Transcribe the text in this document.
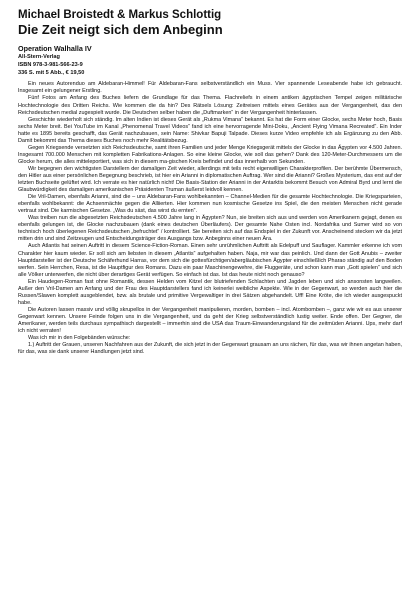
Michael Broistedt & Markus Schlottig
Die Zeit neigt sich dem Anbeginn
Operation Walhalla IV
All-Stern-Verlag
ISBN 978-3-981-566-23-9
336 S. mit 5 Abb., € 19,50

Ein neues Autorenduo am Aldebaran-Himmel! Für Aldebaran-Fans selbstverständlich ein Muss. Vier spannende Leseabende habe ich gebraucht. Insgesamt ein gelungener Erstling.

Fünf Fotos am Anfang des Buches liefern die Grundlage für das Thema. Flachreliefs in einem antiken ägyptischen Tempel zeigen militärische Hochtechnologie des Dritten Reichs. Wie kommen die da hin? Des Rätsels Lösung: Zeitreisen mittels eines Gerätes aus der Vergangenheit, das den Reichsdeutschen medial zugespielt wurde. Die Deutschen selber haben die „Duftmarken“ in der Vergangenheit hinterlassen.

Geschichte wiederholt sich ständig. Im alten Indien ist dieses Gerät als „Rukma Vimana“ bekannt. Es hat die Form einer Glocke, sechs Meter hoch, Basis sechs Meter breit. Bei YouTube im Kanal „Phenomenal Travel Videos“ fand ich eine hervorragende Mini-Doku, „Ancient Flying Vimana Recreated“. Ein Inder hatte es 1895 bereits geschafft, das Gerät nachzubauen, sein Name: Shivkar Bapuji Talpade. Dieses kurze Video empfehle ich als Ergänzung zu den Abb. Damit bekommt das Thema dieses Buches noch mehr Realitätsbezug.

Gegen Kriegsende versetzten sich Reichsdeutsche, samt ihren Familien und jeder Menge Kriegsgerät mittels der Glocke in das Ägypten vor 4.500 Jahren. Insgesamt 700.000 Menschen mit kompletten Fabrikations-Anlagen. So eine kleine Glocke, wie soll das gehen? Dank des 120-Meter-Durchmessers um die Glocke herum, die alles mitteleportiert, was sich in diesem ma-gischen Kreis befindet und das innerhalb von Sekunden.

Wir begegnen den wichtigsten Darstellern der damaligen Zeit wieder, allerdings mit teils recht eigenwilligen Charakterprofilen. Der berühmte Übermensch, den Hitler aus einer persönlichen Begegnung beschrieb, ist hier ein Arianni in diplomatischen Auftrag. Wer sind die Arianni? Großes Mysterium, das erst auf der letzten Buchseite gelüftet wird. Ich verrate es hier natürlich nicht! Die Basis-Station der Arianni in der Antarktis bekommt Besuch von Admiral Byrd und lernt die Glaubwürdigkeit des damaligen amerikanischen Präsidenten Truman äußerst leidvoll kennen.

Die Vril-Damen, ebenfalls Arianni, sind die – uns Aldebaran-Fans wohlbekannten – Channel-Medien für die gesamte Hochtechnologie. Die Kriegsparteien, ebenfalls wohlbekannt: die Achsenmächte gegen die Alliierten. Hier kommen nun kosmische Gesetze ins Spiel, die den meisten Menschen nicht gerade vertraut sind. Die karmischen Gesetze. „Was du säst, das wirst du ernten“.

Was treiben nun die abgesetzten Reichsdeutschen 4.500 Jahre lang in Ägypten? Nun, sie breiten sich aus und werden von Amerikanern gejagt, denen es ebenfalls gelungen ist, die Glocke nachzubauen (dank eines deutschen Überläufers). Der gesamte Nahe Osten incl. Nordafrika und Sumer wird so von technisch hoch überlegenen Reichsdeutschen „befruchtet“ / kontrolliert. Sie bereiten sich auf das Endspiel in der Zukunft vor. Anscheinend stecken wir da jetzt mitten drin und sind Zeitzeugen und Entscheidungsträger des Ausgangs bzw. Anbeginns einer neuen Ära.

Auch Atlantis hat seinen Auftritt in diesem Science-Fiction-Roman. Einen sehr unrühmlichen Auftritt als Edelpuff und Sauflager. Kammler erkenne ich vom Charakter hier kaum wieder. Er soll sich am liebsten in diesem „Atlantis“ aufgehalten haben. Naja, mir war das peinlich. Und dann der Gott Anubis – zweiter Hauptdarsteller ist der Deutsche Schäferhund Harras, vor dem sich die gottesfürchtigen/abergläubischen Ägypter einschließlich Pharao ständig auf den Boden werfen. Sein Herrchen, Resa, ist die Hauptfigur des Romans. Dazu ein paar Maschinengewehre, die Fluggeräte, und schon kann man „Gott spielen“ und sich alle Völker unterwerfen, die nicht über derartiges Gerät verfügen. So einfach ist das. Ist das heute nicht noch genauso?

Ein Haudegen-Roman fast ohne Romantik, dessen Helden vom Kitzel der blutriefenden Schlachten und Jagden leben und sich ansonsten langweilen. Außer den Vril-Damen am Anfang und der Frau des Hauptdarstellers fand ich keinerlei weibliche Aspekte. Wie in der Gegenwart, so werden auch hier die Russen/Slawen komplett ausgeblendet, bzw. als brutale und primitive Vergewaltiger in drei Sätzen abgehandelt. Uff! Eine Kröte, die ich wieder ausgespuckt habe.

Die Autoren lassen massiv und völlig skrupellos in der Vergangenheit manipulieren, morden, bomben – incl. Atombomben –, ganz wie wir es aus unserer Gegenwart kennen. Unsere Feinde folgen uns in die Vergangenheit, und da geht der Krieg selbstverständlich lustig weiter. Ende offen. Der Gegner, die Amerikaner, werden teils durchaus sympathisch dargestellt – immerhin sind die USA das Traum-Einwanderungsland für die zeitmüden Arianni. Ups, mehr darf ich nicht verraten!

Was ich mir in den Folgebänden wünsche:

1.) Auftritt der Grauen, unseren Nachfahren aus der Zukunft, die sich jetzt in der Gegenwart grausam an uns rächen, für das, was wir ihnen angetan haben, für das, was sie dank unserer Handlungen jetzt sind.
